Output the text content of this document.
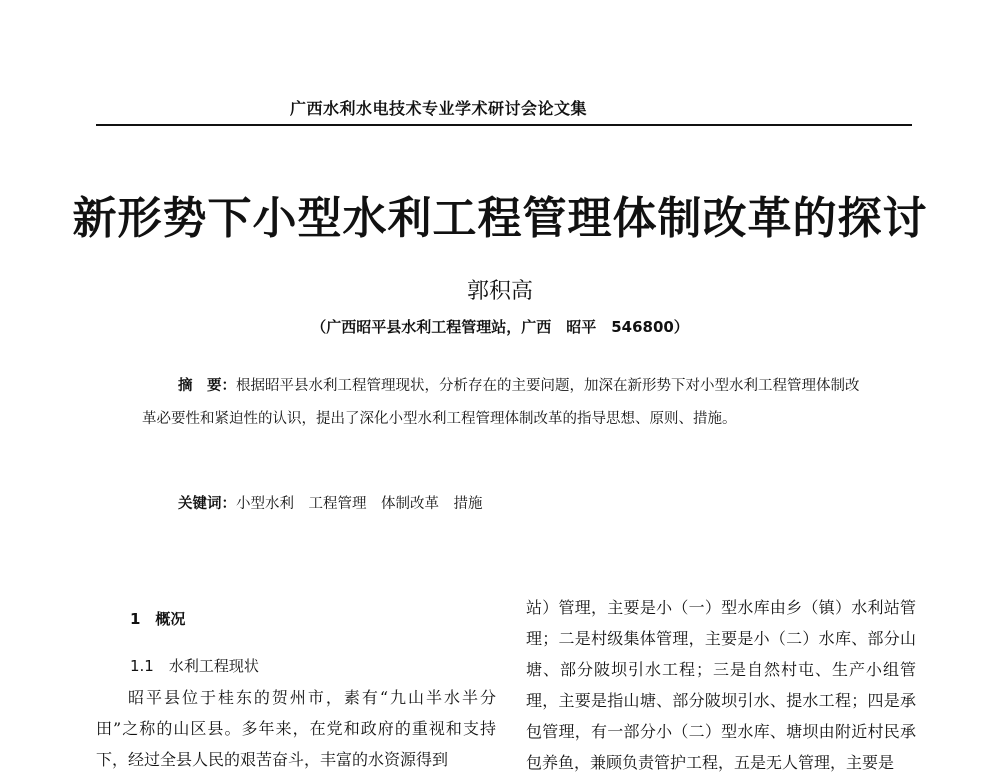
广西水利水电技术专业学术研讨会论文集
新形势下小型水利工程管理体制改革的探讨
郭积高
（广西昭平县水利工程管理站，广西　昭平　546800）
摘　要：根据昭平县水利工程管理现状，分析存在的主要问题，加深在新形势下对小型水利工程管理体制改革必要性和紧迫性的认识，提出了深化小型水利工程管理体制改革的指导思想、原则、措施。
关键词：小型水利　工程管理　体制改革　措施
1　概况
1.1　水利工程现状
昭平县位于桂东的贺州市，素有“九山半水半分田”之称的山区县。多年来，在党和政府的重视和支持下，经过全县人民的艰苦奋斗，丰富的水资源得到
站）管理，主要是小（一）型水库由乡（镇）水利站管理；二是村级集体管理，主要是小（二）水库、部分山塘、部分陂坝引水工程；三是自然村屯、生产小组管理，主要是指山塘、部分陂坝引水、提水工程；四是承包管理，有一部分小（二）型水库、塘坝由附近村民承包养鱼，兼顾负责管护工程，五是无人管理，主要是
